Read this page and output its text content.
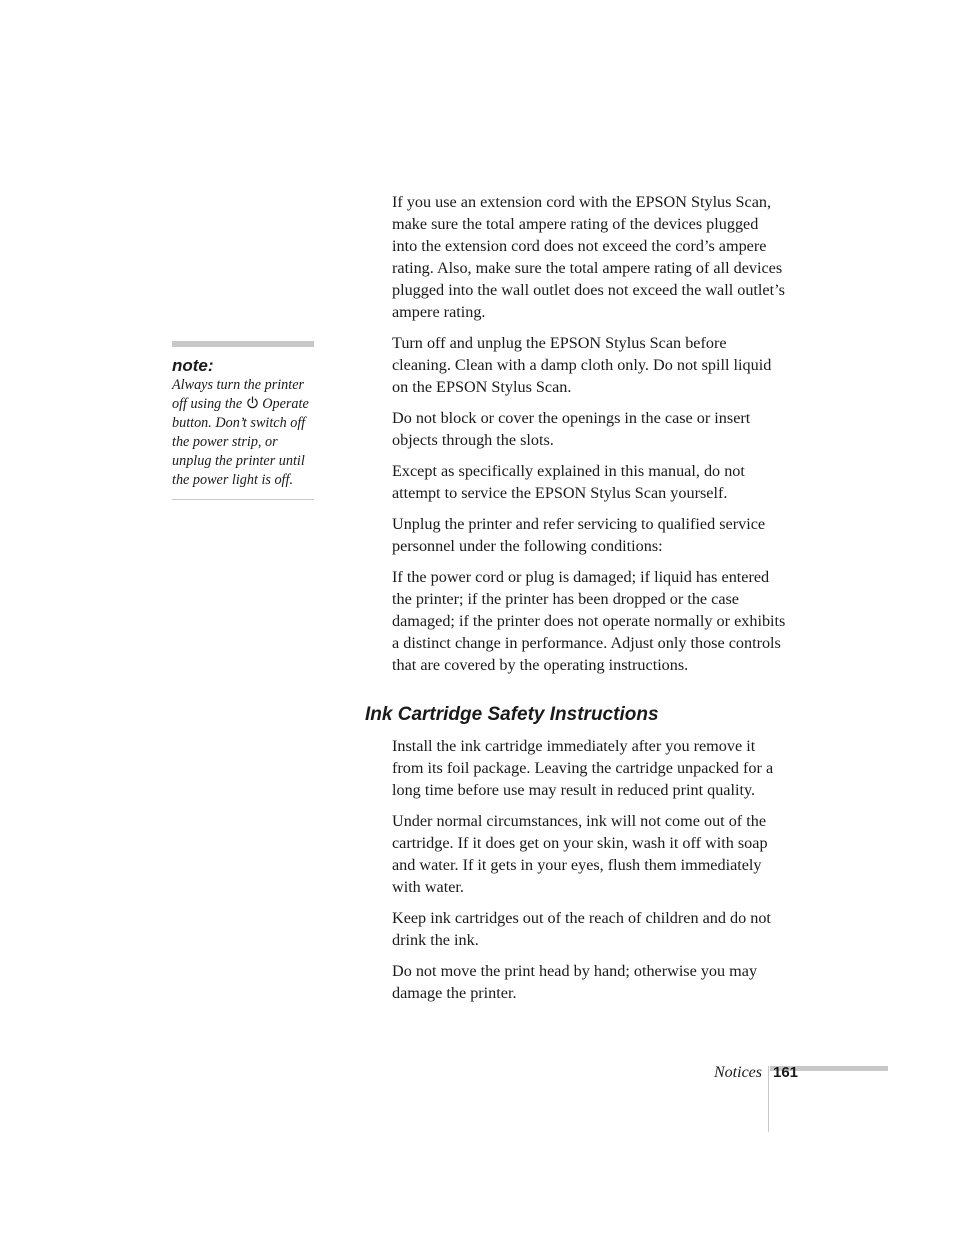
note:

Always turn the printer off using the  Operate button. Don’t switch off the power strip, or unplug the printer until the power light is off.

If you use an extension cord with the EPSON Stylus Scan, make sure the total ampere rating of the devices plugged into the extension cord does not exceed the cord’s ampere rating. Also, make sure the total ampere rating of all devices plugged into the wall outlet does not exceed the wall outlet’s ampere rating.

Turn off and unplug the EPSON Stylus Scan before cleaning. Clean with a damp cloth only. Do not spill liquid on the EPSON Stylus Scan.

Do not block or cover the openings in the case or insert objects through the slots.

Except as specifically explained in this manual, do not attempt to service the EPSON Stylus Scan yourself.

Unplug the printer and refer servicing to qualified service personnel under the following conditions:

If the power cord or plug is damaged; if liquid has entered the printer; if the printer has been dropped or the case damaged; if the printer does not operate normally or exhibits a distinct change in performance. Adjust only those controls that are covered by the operating instructions.

Ink Cartridge Safety Instructions

Install the ink cartridge immediately after you remove it from its foil package. Leaving the cartridge unpacked for a long time before use may result in reduced print quality.

Under normal circumstances, ink will not come out of the cartridge. If it does get on your skin, wash it off with soap and water. If it gets in your eyes, flush them immediately with water.

Keep ink cartridges out of the reach of children and do not drink the ink.

Do not move the print head by hand; otherwise you may damage the printer.

Notices 161
